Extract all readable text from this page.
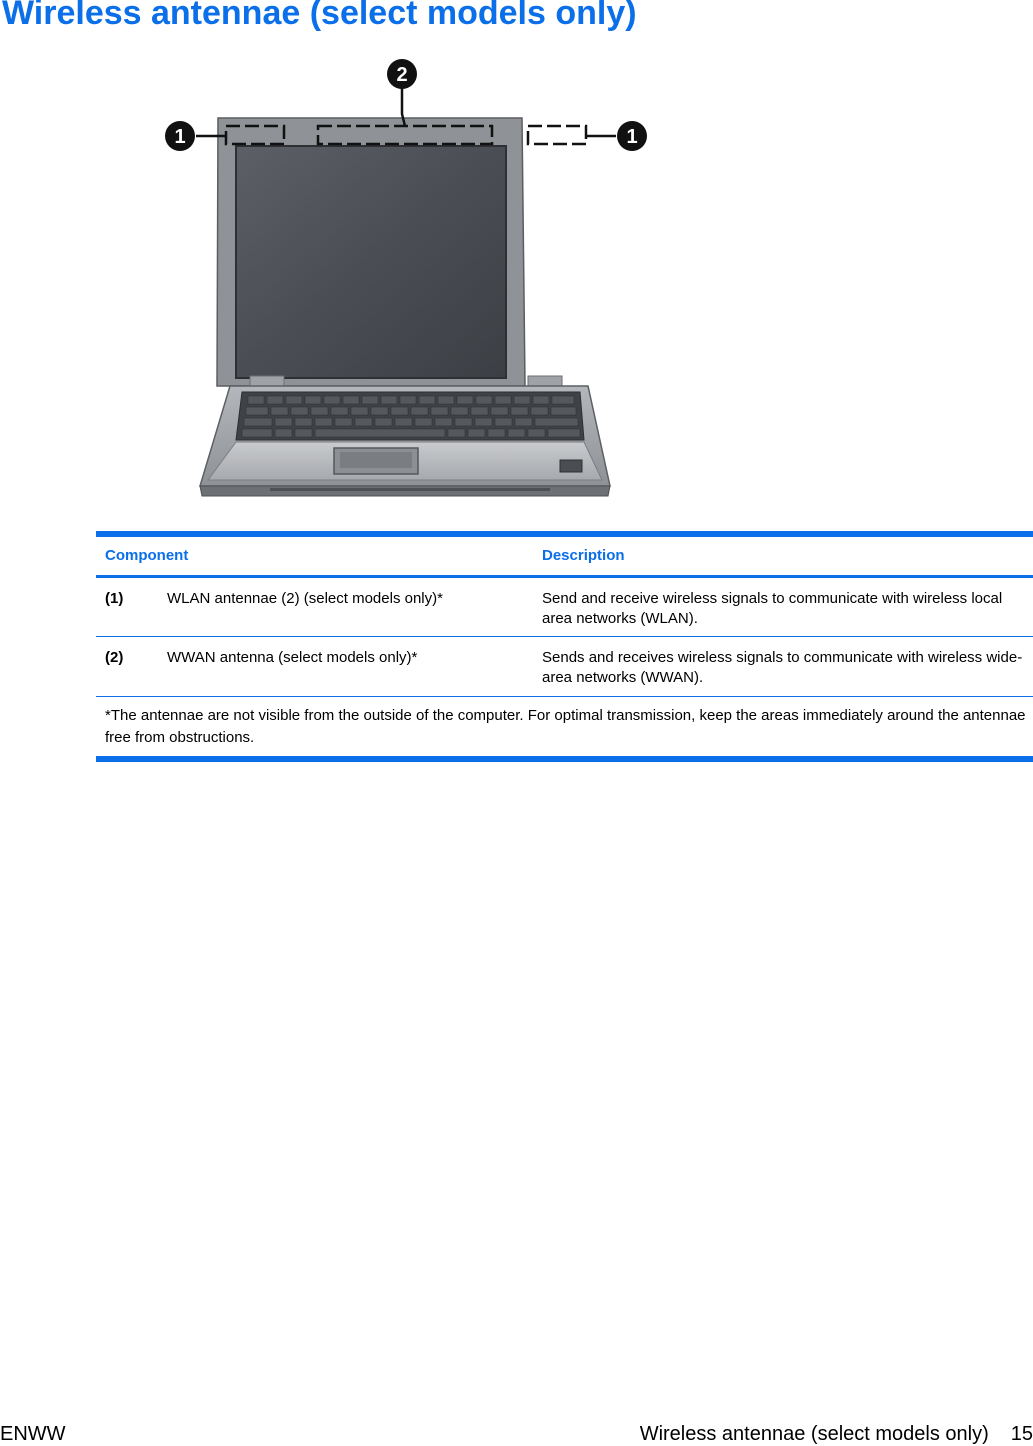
Wireless antennae (select models only)
1
2
1
Component	Description
(1)	WLAN antennae (2) (select models only)*	Send and receive wireless signals to communicate with wireless local area networks (WLAN).
(2)	WWAN antenna (select models only)*	Sends and receives wireless signals to communicate with wireless wide-area networks (WWAN).
*The antennae are not visible from the outside of the computer. For optimal transmission, keep the areas immediately around the antennae free from obstructions.
ENWW	Wireless antennae (select models only) 15
